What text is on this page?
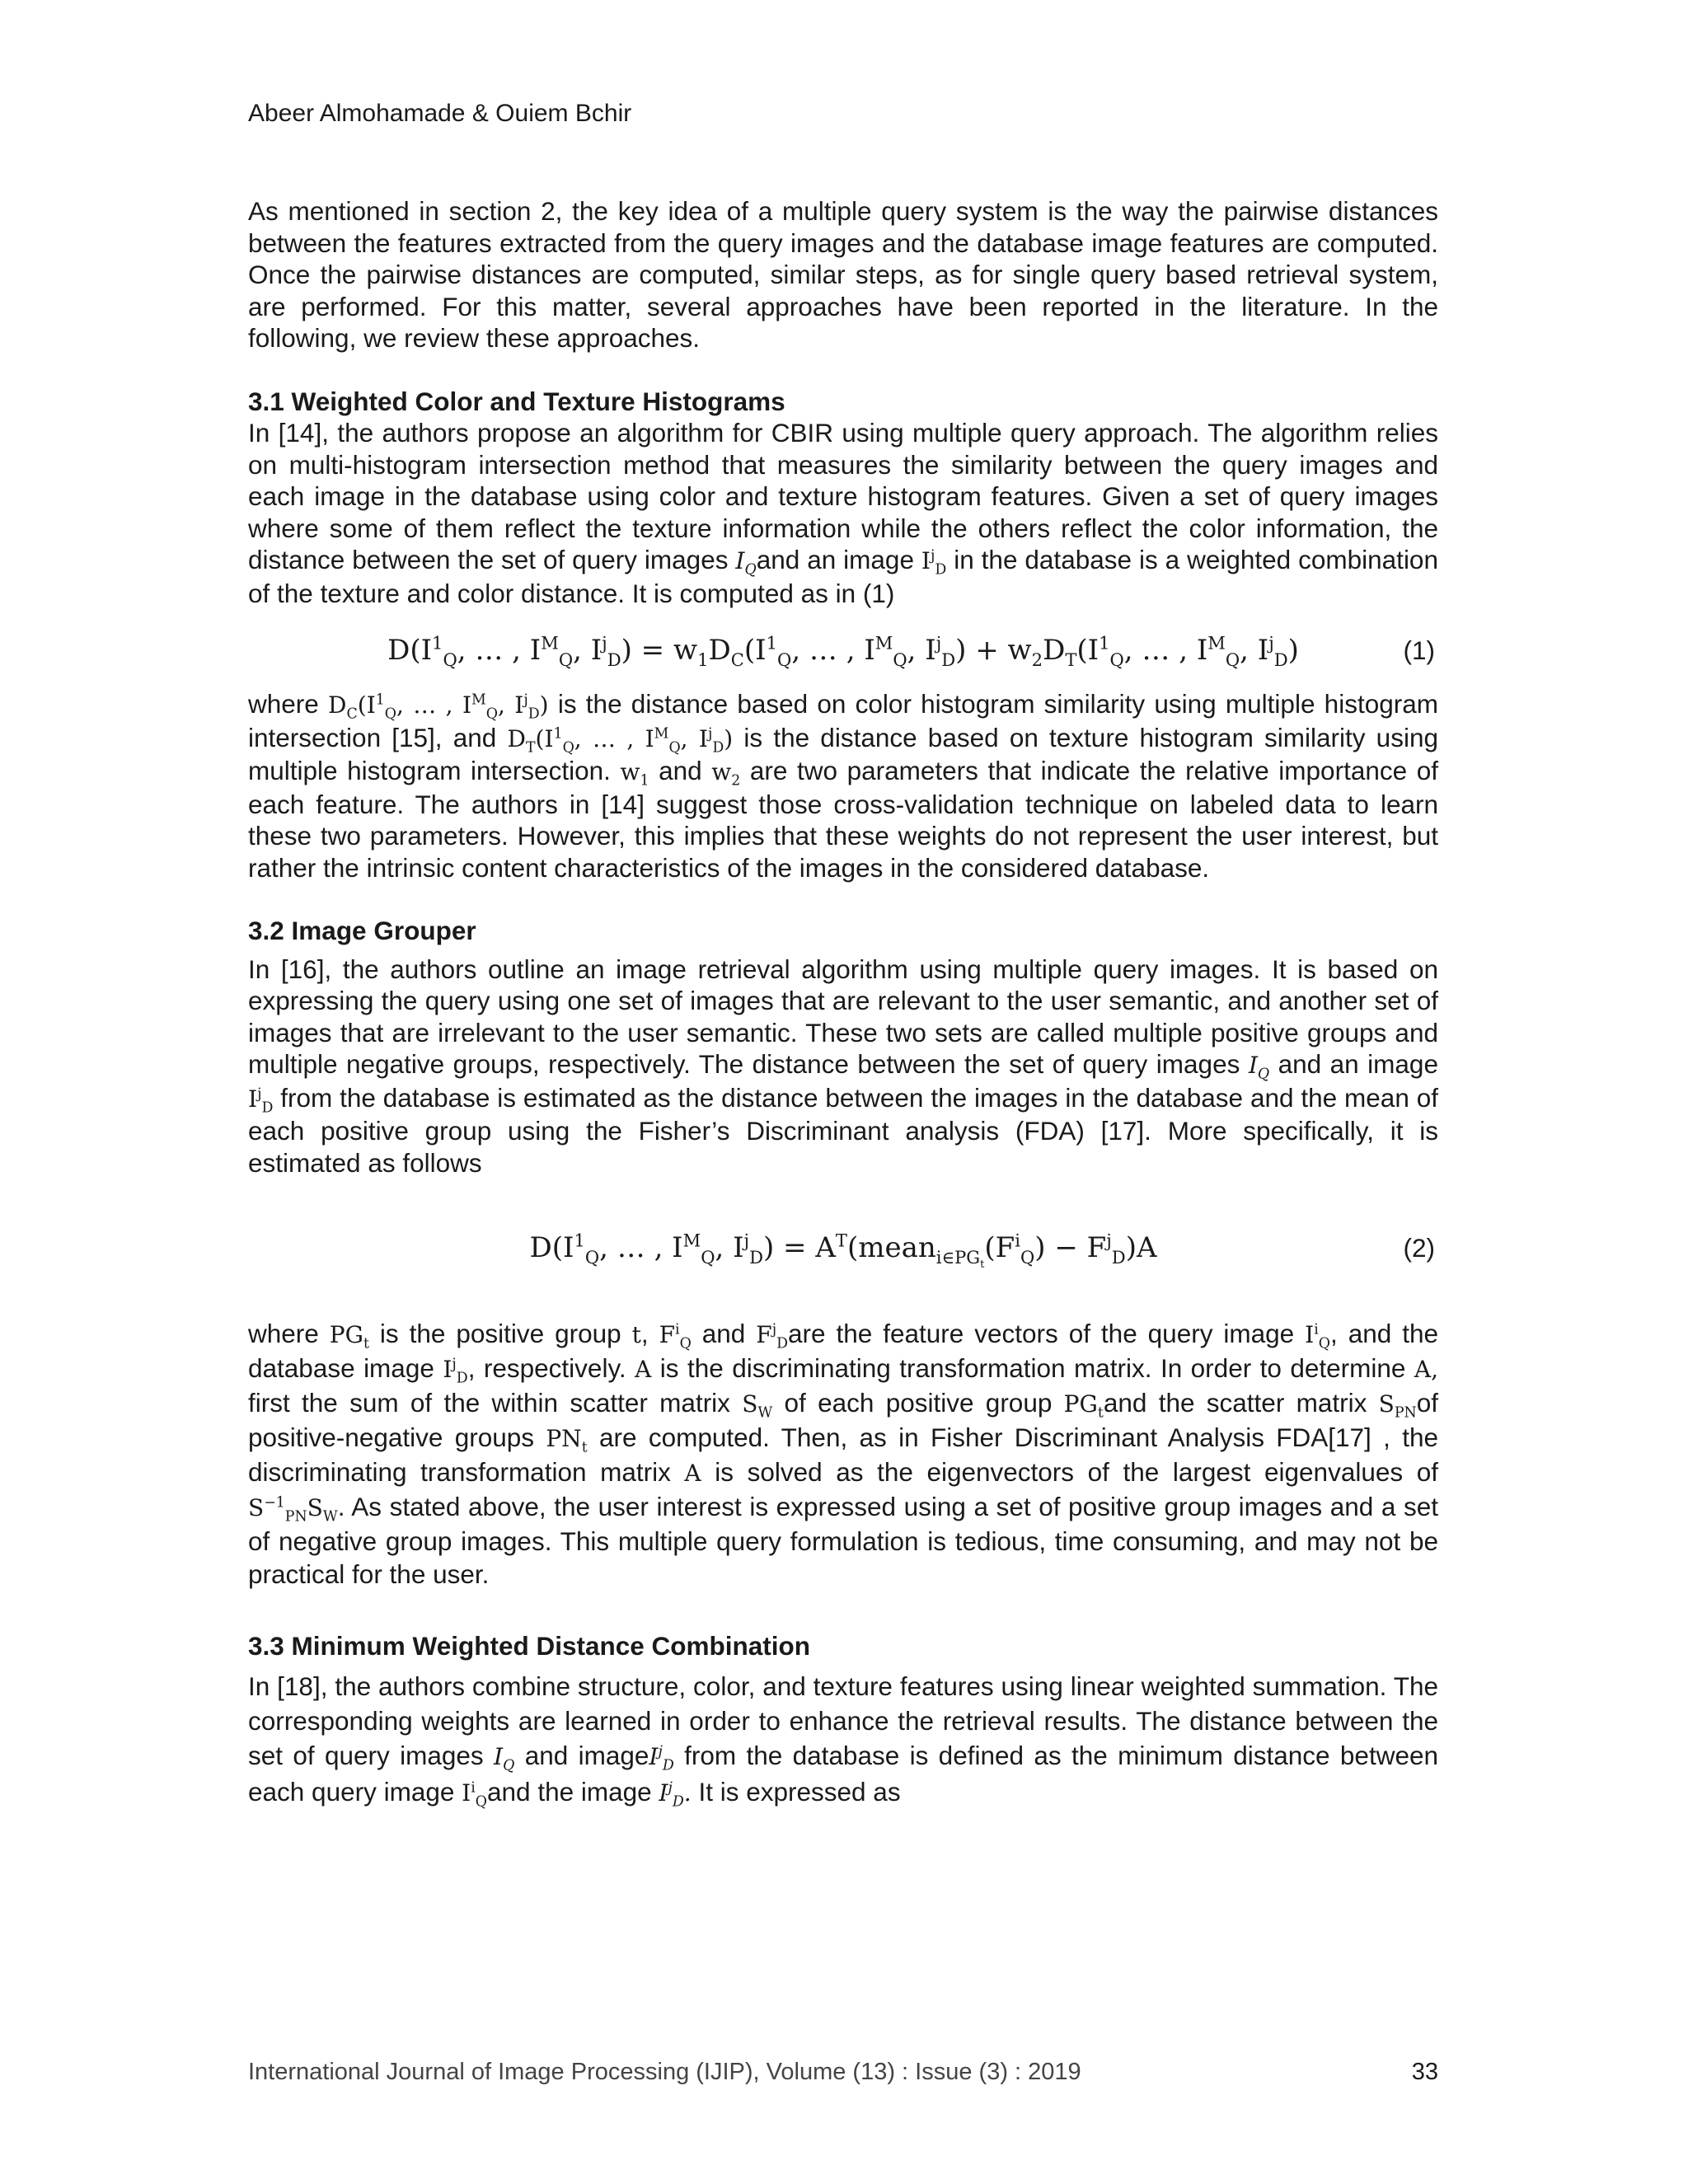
Abeer Almohamade & Ouiem Bchir

As mentioned in section 2, the key idea of a multiple query system is the way the pairwise distances between the features extracted from the query images and the database image features are computed. Once the pairwise distances are computed, similar steps, as for single query based retrieval system, are performed. For this matter, several approaches have been reported in the literature. In the following, we review these approaches.

3.1 Weighted Color and Texture Histograms

In [14], the authors propose an algorithm for CBIR using multiple query approach. The algorithm relies on multi-histogram intersection method that measures the similarity between the query images and each image in the database using color and texture histogram features. Given a set of query images where some of them reflect the texture information while the others reflect the color information, the distance between the set of query images $I_Qand$ an image $I^j_D$ in the database is a weighted combination of the texture and color distance. It is computed as in (1)

$D(I^1_Q$, … , $I^M_Q$, $I^j_D) = w_1D_C(I^1_Q$, … , $I^M_Q$, $I^j_D) + w_2D_T(I^1_Q$, … , $I^M_Q$, $I^j_D$)	(1)

where $D_C(I^1_Q$, … , $I^M_Q$, $I^j_D$) is the distance based on color histogram similarity using multiple histogram intersection [15], and $D_T(I^1_Q$, … , $I^M_Q$, $I^j_D$) is the distance based on texture histogram similarity using multiple histogram intersection. $w_1$ and $w_2$ are two parameters that indicate the relative importance of each feature. The authors in [14] suggest those cross-validation technique on labeled data to learn these two parameters. However, this implies that these weights do not represent the user interest, but rather the intrinsic content characteristics of the images in the considered database.

3.2 Image Grouper

In [16], the authors outline an image retrieval algorithm using multiple query images. It is based on expressing the query using one set of images that are relevant to the user semantic, and another set of images that are irrelevant to the user semantic. These two sets are called multiple positive groups and multiple negative groups, respectively. The distance between the set of query images $I_Q$ and an image $I^j_D$ from the database is estimated as the distance between the images in the database and the mean of each positive group using the Fisher’s Discriminant analysis (FDA) [17]. More specifically, it is estimated as follows

$D(I^1_Q$, … , $I^M_Q$, $I^j_D$) = $A^T(mean_{i\in PG_t}(F^i_Q) - F^j_D)A$	(2)

where $PG_t$ is the positive group t, $F^i_Q$ and $F^j_Dare$ the feature vectors of the query image $I^i_Q$, and the database image $I^j_D$, respectively. A is the discriminating transformation matrix. In order to determine A, first the sum of the within scatter matrix $S_W$ of each positive group $PG_tand$ the scatter matrix $S_{PN}of$ positive-negative groups $PN_t$ are computed. Then, as in Fisher Discriminant Analysis FDA[17] , the discriminating transformation matrix A is solved as the eigenvectors of the largest eigenvalues of $S^{-1}_{PN}S_W$. As stated above, the user interest is expressed using a set of positive group images and a set of negative group images. This multiple query formulation is tedious, time consuming, and may not be practical for the user.

3.3 Minimum Weighted Distance Combination

In [18], the authors combine structure, color, and texture features using linear weighted summation. The corresponding weights are learned in order to enhance the retrieval results. The distance between the set of query images $I_Q$ and imageI$^j_D$ from the database is defined as the minimum distance between each query image $I^i_Qand$ the image $I^j_D$. It is expressed as

International Journal of Image Processing (IJIP), Volume (13) : Issue (3) : 2019	33
